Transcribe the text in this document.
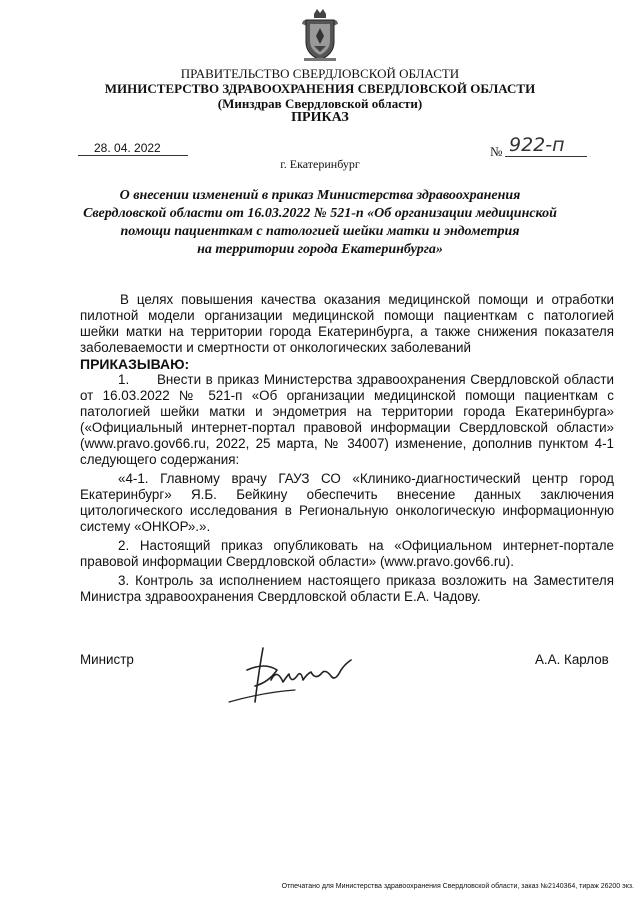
ПРАВИТЕЛЬСТВО СВЕРДЛОВСКОЙ ОБЛАСТИ
МИНИСТЕРСТВО ЗДРАВООХРАНЕНИЯ СВЕРДЛОВСКОЙ ОБЛАСТИ
(Минздрав Свердловской области)
ПРИКАЗ
28. 04. 2022	№ 922-п
г. Екатеринбург
О внесении изменений в приказ Министерства здравоохранения
Свердловской области от 16.03.2022 № 521-п «Об организации медицинской
помощи пациенткам с патологией шейки матки и эндометрия
на территории города Екатеринбурга»
В целях повышения качества оказания медицинской помощи и отработки
пилотной модели организации медицинской помощи пациенткам с патологией
шейки матки на территории города Екатеринбурга, а также снижения показателя
заболеваемости и смертности от онкологических заболеваний
ПРИКАЗЫВАЮ:
1.      Внести в приказ Министерства здравоохранения Свердловской области
от 16.03.2022 № 521-п «Об организации медицинской помощи пациенткам с
патологией шейки матки и эндометрия на территории города Екатеринбурга»
(«Официальный интернет-портал правовой информации Свердловской области»
(www.pravo.gov66.ru, 2022, 25 марта, № 34007) изменение, дополнив пунктом 4-1
следующего содержания:
«4-1. Главному врачу ГАУЗ СО «Клинико-диагностический центр город
Екатеринбург» Я.Б. Бейкину обеспечить внесение данных заключения
цитологического исследования в Региональную онкологическую информационную
систему «ОНКОР».».
2. Настоящий приказ опубликовать на «Официальном интернет-портале
правовой информации Свердловской области» (www.pravo.gov66.ru).
3. Контроль за исполнением настоящего приказа возложить на Заместителя
Министра здравоохранения Свердловской области Е.А. Чадову.
Министр	А.А. Карлов
Отпечатано для Министерства здравоохранения Свердловской области, заказ №2140364, тираж 26200 экз.
